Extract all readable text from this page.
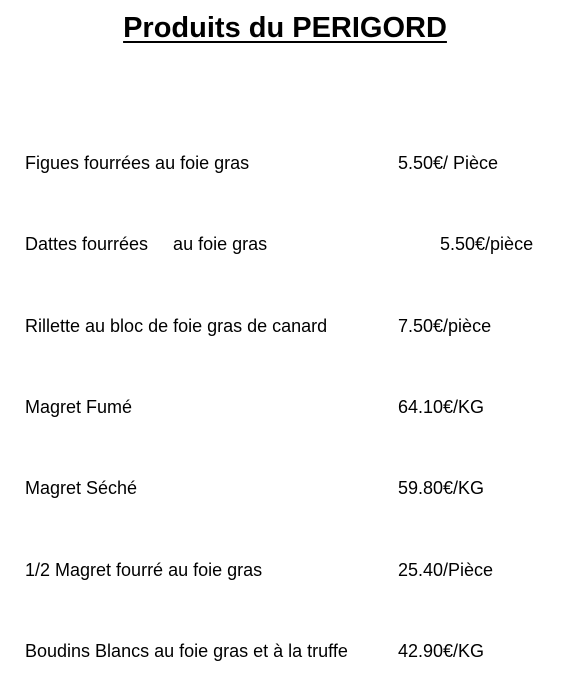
Produits du PERIGORD
Figues fourrées au foie gras	5.50€/ Pièce
Dattes fourrées     au foie gras	5.50€/pièce
Rillette au bloc de foie gras de canard	7.50€/pièce
Magret Fumé	64.10€/KG
Magret Séché	59.80€/KG
1/2 Magret fourré au foie gras	25.40/Pièce
Boudins Blancs au foie gras et à la truffe	42.90€/KG
